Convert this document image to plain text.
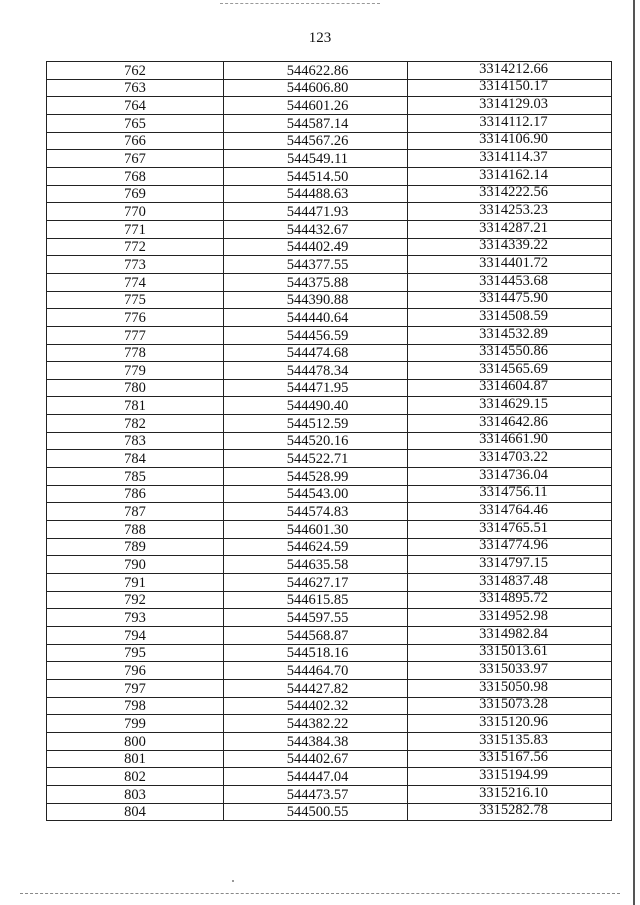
123
762	544622.86	3314212.66
763	544606.80	3314150.17
764	544601.26	3314129.03
765	544587.14	3314112.17
766	544567.26	3314106.90
767	544549.11	3314114.37
768	544514.50	3314162.14
769	544488.63	3314222.56
770	544471.93	3314253.23
771	544432.67	3314287.21
772	544402.49	3314339.22
773	544377.55	3314401.72
774	544375.88	3314453.68
775	544390.88	3314475.90
776	544440.64	3314508.59
777	544456.59	3314532.89
778	544474.68	3314550.86
779	544478.34	3314565.69
780	544471.95	3314604.87
781	544490.40	3314629.15
782	544512.59	3314642.86
783	544520.16	3314661.90
784	544522.71	3314703.22
785	544528.99	3314736.04
786	544543.00	3314756.11
787	544574.83	3314764.46
788	544601.30	3314765.51
789	544624.59	3314774.96
790	544635.58	3314797.15
791	544627.17	3314837.48
792	544615.85	3314895.72
793	544597.55	3314952.98
794	544568.87	3314982.84
795	544518.16	3315013.61
796	544464.70	3315033.97
797	544427.82	3315050.98
798	544402.32	3315073.28
799	544382.22	3315120.96
800	544384.38	3315135.83
801	544402.67	3315167.56
802	544447.04	3315194.99
803	544473.57	3315216.10
804	544500.55	3315282.78
